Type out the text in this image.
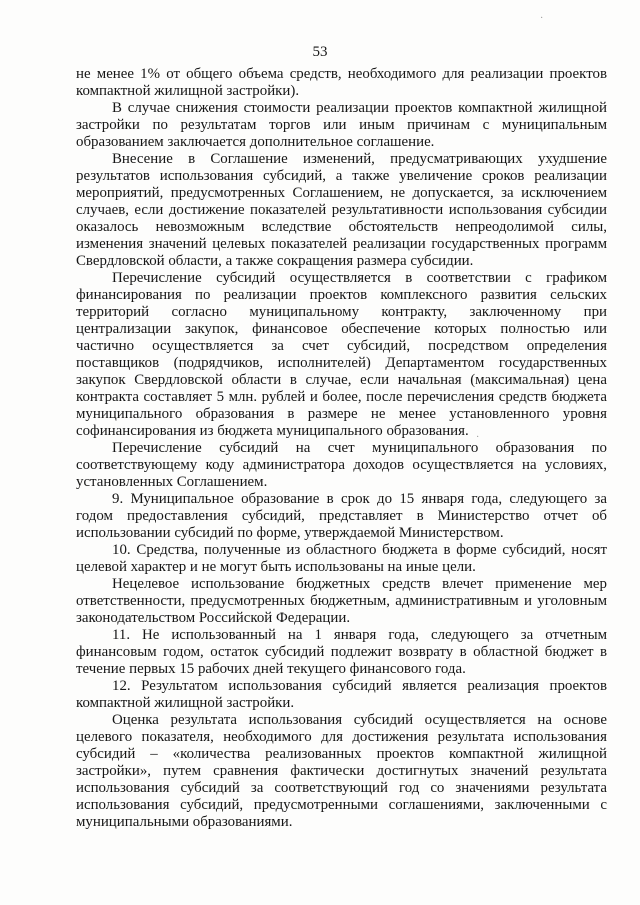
53

не менее 1% от общего объема средств, необходимого для реализации проектов компактной жилищной застройки).

В случае снижения стоимости реализации проектов компактной жилищной застройки по результатам торгов или иным причинам с муниципальным образованием заключается дополнительное соглашение.

Внесение в Соглашение изменений, предусматривающих ухудшение результатов использования субсидий, а также увеличение сроков реализации мероприятий, предусмотренных Соглашением, не допускается, за исключением случаев, если достижение показателей результативности использования субсидии оказалось невозможным вследствие обстоятельств непреодолимой силы, изменения значений целевых показателей реализации государственных программ Свердловской области, а также сокращения размера субсидии.

Перечисление субсидий осуществляется в соответствии с графиком финансирования по реализации проектов комплексного развития сельских территорий согласно муниципальному контракту, заключенному при централизации закупок, финансовое обеспечение которых полностью или частично осуществляется за счет субсидий, посредством определения поставщиков (подрядчиков, исполнителей) Департаментом государственных закупок Свердловской области в случае, если начальная (максимальная) цена контракта составляет 5 млн. рублей и более, после перечисления средств бюджета муниципального образования в размере не менее установленного уровня софинансирования из бюджета муниципального образования.

Перечисление субсидий на счет муниципального образования по соответствующему коду администратора доходов осуществляется на условиях, установленных Соглашением.

9. Муниципальное образование в срок до 15 января года, следующего за годом предоставления субсидий, представляет в Министерство отчет об использовании субсидий по форме, утверждаемой Министерством.

10. Средства, полученные из областного бюджета в форме субсидий, носят целевой характер и не могут быть использованы на иные цели.

Нецелевое использование бюджетных средств влечет применение мер ответственности, предусмотренных бюджетным, административным и уголовным законодательством Российской Федерации.

11. Не использованный на 1 января года, следующего за отчетным финансовым годом, остаток субсидий подлежит возврату в областной бюджет в течение первых 15 рабочих дней текущего финансового года.

12. Результатом использования субсидий является реализация проектов компактной жилищной застройки.

Оценка результата использования субсидий осуществляется на основе целевого показателя, необходимого для достижения результата использования субсидий – «количества реализованных проектов компактной жилищной застройки», путем сравнения фактически достигнутых значений результата использования субсидий за соответствующий год со значениями результата использования субсидий, предусмотренными соглашениями, заключенными с муниципальными образованиями.

·
·
